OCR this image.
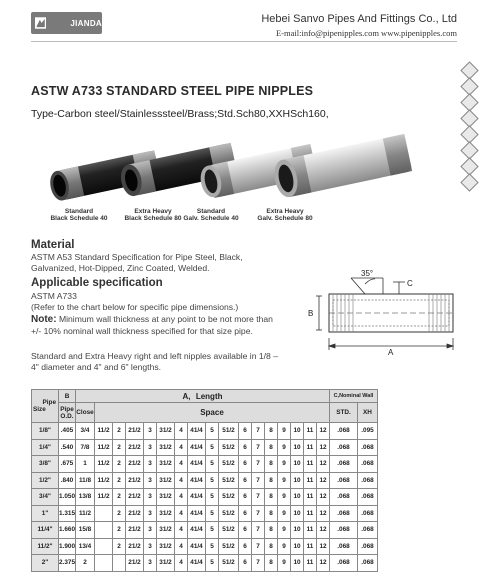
JIANDA	Hebei Sanvo Pipes And Fittings Co., Ltd
E-mail:info@pipenipples.com www.pipenipples.com
ASTW A733 STANDARD STEEL PIPE NIPPLES
Type-Carbon steel/Stainlesssteel/Brass;Std.Sch80,XXHSch160,
Standard
Black Schedule 40
Extra Heavy
Black Schedule 80
Standard
Galv. Schedule 40
Extra Heavy
Galv. Schedule 80
Material
ASTM A53 Standard Specification for Pipe Steel, Black, Galvanized, Hot-Dipped, Zinc Coated, Welded.
Applicable specification
ASTM A733
(Refer to the chart below for specific pipe dimensions.)
Note: Minimum wall thickness at any point to be not more than +/- 10% nominal wall thickness specified for that size pipe.
Standard and Extra Heavy right and left nipples available in 1/8 – 4" diameter and 4" and 6" lengths.
35°
C
B
A
Pipe
Size	B	A, Length																	C,Nominal Wall	
	Pipe O.D.	Close	Space																STD.	XH
1/8"	.405	3/4	11/2	2	21/2	3	31/2	4	41/4	5	51/2	6	7	8	9	10	11	12	.068	.095
1/4"	.540	7/8	11/2	2	21/2	3	31/2	4	41/4	5	51/2	6	7	8	9	10	11	12	.068	.068
3/8"	.675	1	11/2	2	21/2	3	31/2	4	41/4	5	51/2	6	7	8	9	10	11	12	.068	.068
1/2"	.840	11/8	11/2	2	21/2	3	31/2	4	41/4	5	51/2	6	7	8	9	10	11	12	.068	.068
3/4"	1.050	13/8	11/2	2	21/2	3	31/2	4	41/4	5	51/2	6	7	8	9	10	11	12	.068	.068
1"	1.315	11/2		2	21/2	3	31/2	4	41/4	5	51/2	6	7	8	9	10	11	12	.068	.068
11/4"	1.660	15/8		2	21/2	3	31/2	4	41/4	5	51/2	6	7	8	9	10	11	12	.068	.068
11/2"	1.900	13/4		2	21/2	3	31/2	4	41/4	5	51/2	6	7	8	9	10	11	12	.068	.068
2"	2.375	2			21/2	3	31/2	4	41/4	5	51/2	6	7	8	9	10	11	12	.068	.068
